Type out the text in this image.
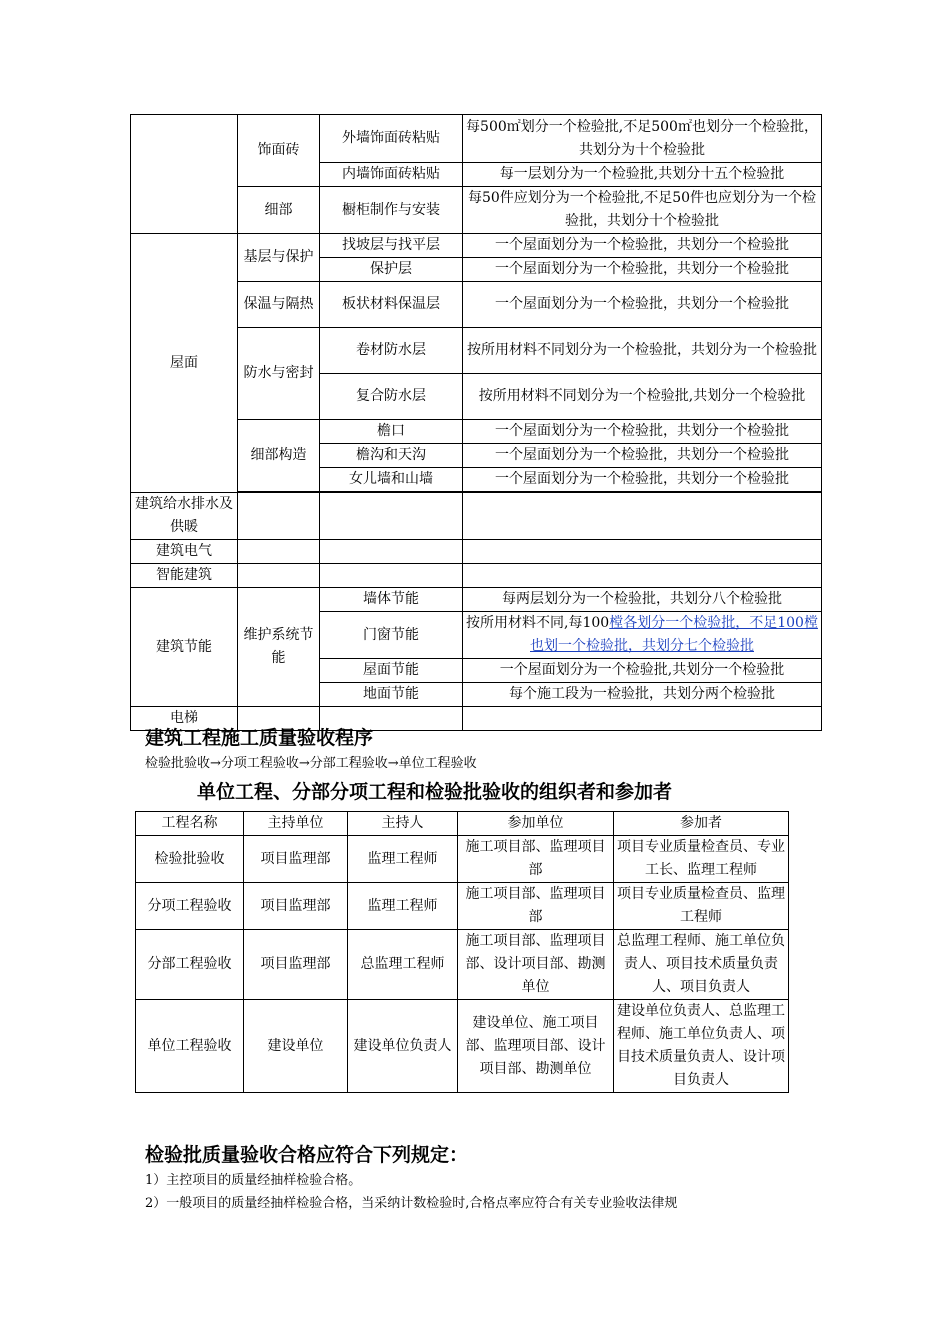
	饰面砖	外墙饰面砖粘贴	每500㎡划分一个检验批,不足500㎡也划分一个检验批，共划分为十个检验批
		内墙饰面砖粘贴	每一层划分为一个检验批,共划分十五个检验批
	细部	橱柜制作与安装	每50件应划分为一个检验批,不足50件也应划分为一个检验批，共划分十个检验批
屋面	基层与保护	找坡层与找平层	一个屋面划分为一个检验批，共划分一个检验批
		保护层	一个屋面划分为一个检验批，共划分一个检验批
	保温与隔热	板状材料保温层	一个屋面划分为一个检验批，共划分一个检验批
	防水与密封	卷材防水层	按所用材料不同划分为一个检验批，共划分为一个检验批
		复合防水层	按所用材料不同划分为一个检验批,共划分一个检验批
	细部构造	檐口	一个屋面划分为一个检验批，共划分一个检验批
		檐沟和天沟	一个屋面划分为一个检验批，共划分一个检验批
		女儿墙和山墙	一个屋面划分为一个检验批，共划分一个检验批

建筑给水排水及供暖			
建筑电气			
智能建筑			
建筑节能	维护系统节能	墙体节能	每两层划分为一个检验批，共划分八个检验批
		门窗节能	按所用材料不同,每100樘各划分一个检验批，不足100樘也划一个检验批，共划分七个检验批
		屋面节能	一个屋面划分为一个检验批,共划分一个检验批
		地面节能	每个施工段为一检验批，共划分两个检验批
电梯			
建筑工程施工质量验收程序
检验批验收→分项工程验收→分部工程验收→单位工程验收
单位工程、分部分项工程和检验批验收的组织者和参加者
工程名称	主持单位	主持人	参加单位	参加者
检验批验收	项目监理部	监理工程师	施工项目部、监理项目部	项目专业质量检查员、专业工长、监理工程师
分项工程验收	项目监理部	监理工程师	施工项目部、监理项目部	项目专业质量检查员、监理工程师
分部工程验收	项目监理部	总监理工程师	施工项目部、监理项目部、设计项目部、勘测单位	总监理工程师、施工单位负责人、项目技术质量负责人、项目负责人
单位工程验收	建设单位	建设单位负责人	建设单位、施工项目部、监理项目部、设计项目部、勘测单位	建设单位负责人、总监理工程师、施工单位负责人、项目技术质量负责人、设计项目负责人
检验批质量验收合格应符合下列规定：
1）主控项目的质量经抽样检验合格。
2）一般项目的质量经抽样检验合格，当采纳计数检验时,合格点率应符合有关专业验收法律规
